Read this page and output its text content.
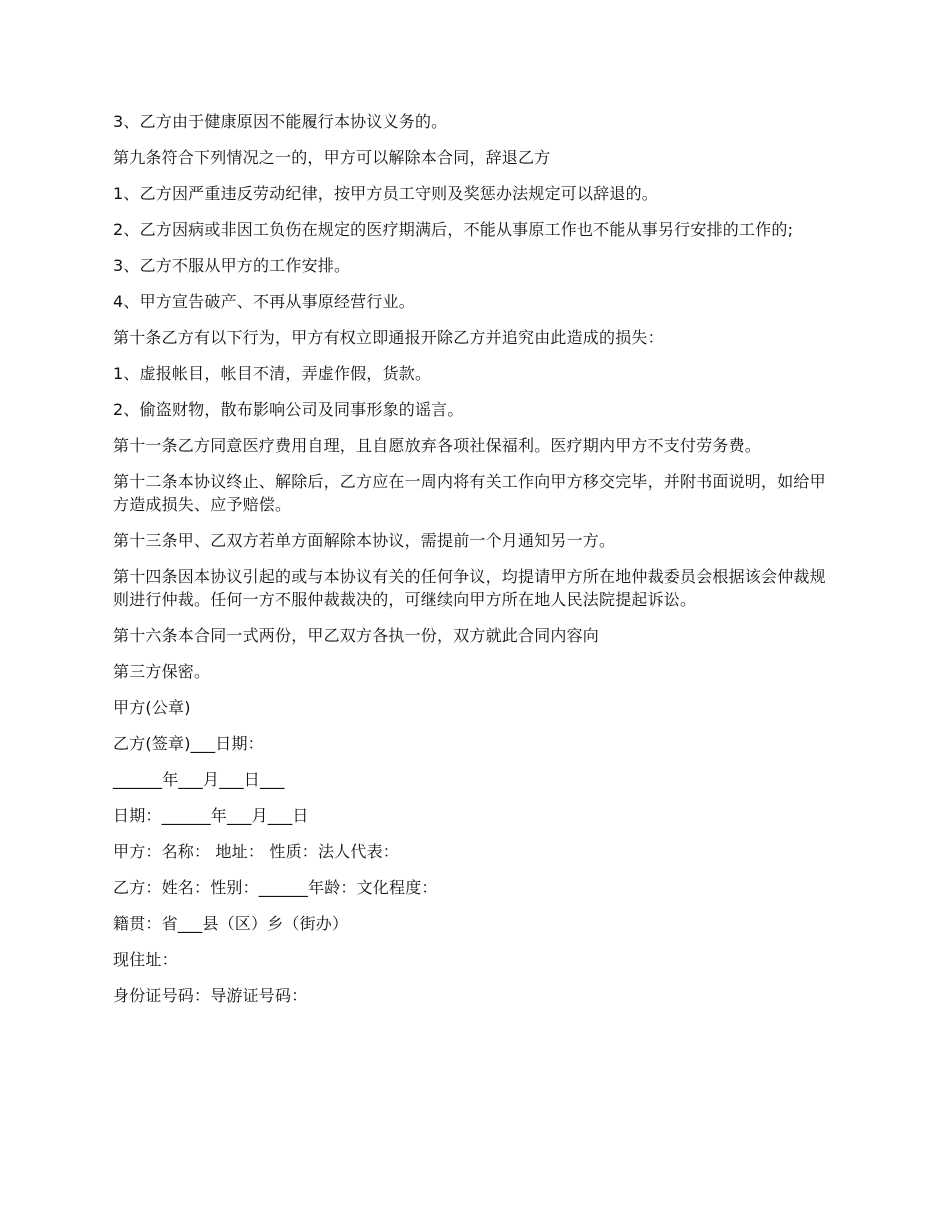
3、乙方由于健康原因不能履行本协议义务的。

第九条符合下列情况之一的，甲方可以解除本合同，辞退乙方

1、乙方因严重违反劳动纪律，按甲方员工守则及奖惩办法规定可以辞退的。

2、乙方因病或非因工负伤在规定的医疗期满后，不能从事原工作也不能从事另行安排的工作的;

3、乙方不服从甲方的工作安排。

4、甲方宣告破产、不再从事原经营行业。

第十条乙方有以下行为，甲方有权立即通报开除乙方并追究由此造成的损失：

1、虚报帐目，帐目不清，弄虚作假，货款。

2、偷盗财物，散布影响公司及同事形象的谣言。

第十一条乙方同意医疗费用自理，且自愿放弃各项社保福利。医疗期内甲方不支付劳务费。

第十二条本协议终止、解除后，乙方应在一周内将有关工作向甲方移交完毕，并附书面说明，如给甲方造成损失、应予赔偿。

第十三条甲、乙双方若单方面解除本协议，需提前一个月通知另一方。

第十四条因本协议引起的或与本协议有关的任何争议，均提请甲方所在地仲裁委员会根据该会仲裁规则进行仲裁。任何一方不服仲裁裁决的，可继续向甲方所在地人民法院提起诉讼。

第十六条本合同一式两份，甲乙双方各执一份，双方就此合同内容向

第三方保密。

甲方(公章)

乙方(签章)___日期：

______年___月___日___

日期：______年___月___日

甲方：名称： 地址： 性质：法人代表：

乙方：姓名：性别：______年龄：文化程度：

籍贯：省___县（区）乡（街办）

现住址：

身份证号码：导游证号码：
